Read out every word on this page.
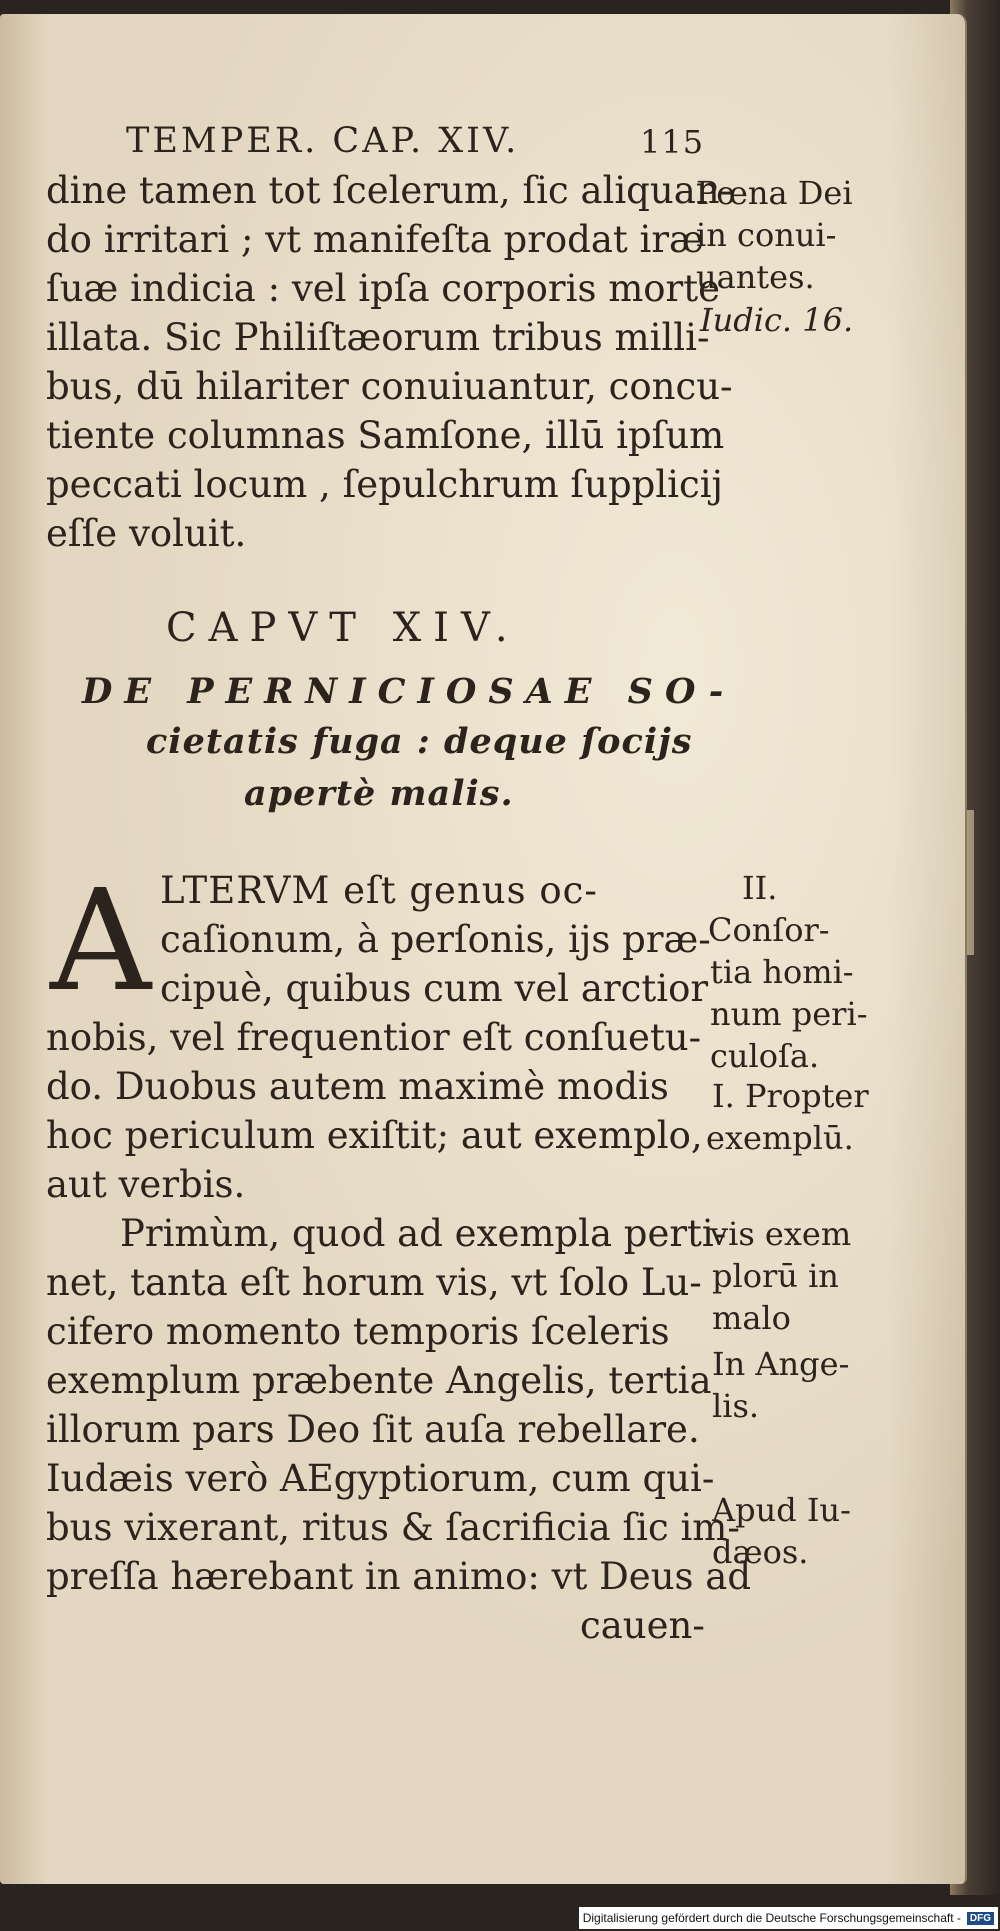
TEMPER. CAP. XIV.	115
dine tamen tot ſcelerum, ſic aliquan-
do irritari ; vt manifeſta prodat iræ
ſuæ indicia : vel ipſa corporis morte
illata. Sic Philiſtæorum tribus milli-
bus, dū hilariter conuiuantur, concu-
tiente columnas Samſone, illū ipſum
peccati locum , ſepulchrum ſupplicij
eſſe voluit.
Pœna Dei
in conui-
uantes.
Iudic. 16.
CAPVT XIV.
DE PERNICIOSAE SO-
cietatis fuga : deque ſocijs
apertè malis.
A LTERVM eſt genus oc-
caſionum, à perſonis, ijs præ-
cipuè, quibus cum vel arctior
nobis, vel frequentior eſt conſuetu-
do. Duobus autem maximè modis
hoc periculum exiſtit; aut exemplo,
aut verbis.
Primùm, quod ad exempla perti-
net, tanta eſt horum vis, vt ſolo Lu-
cifero momento temporis ſceleris
exemplum præbente Angelis, tertia
illorum pars Deo ſit auſa rebellare.
Iudæis verò AEgyptiorum, cum qui-
bus vixerant, ritus & ſacrificia ſic im-
preſſa hærebant in animo: vt Deus ad
cauen-
II.
Conſor-
tia homi-
num peri-
culoſa.
I. Propter
exemplū.
vis exem
plorū in
malo
In Ange-
lis.
Apud Iu-
dæos.
Digitalisierung gefördert durch die Deutsche Forschungsgemeinschaft - DFG
